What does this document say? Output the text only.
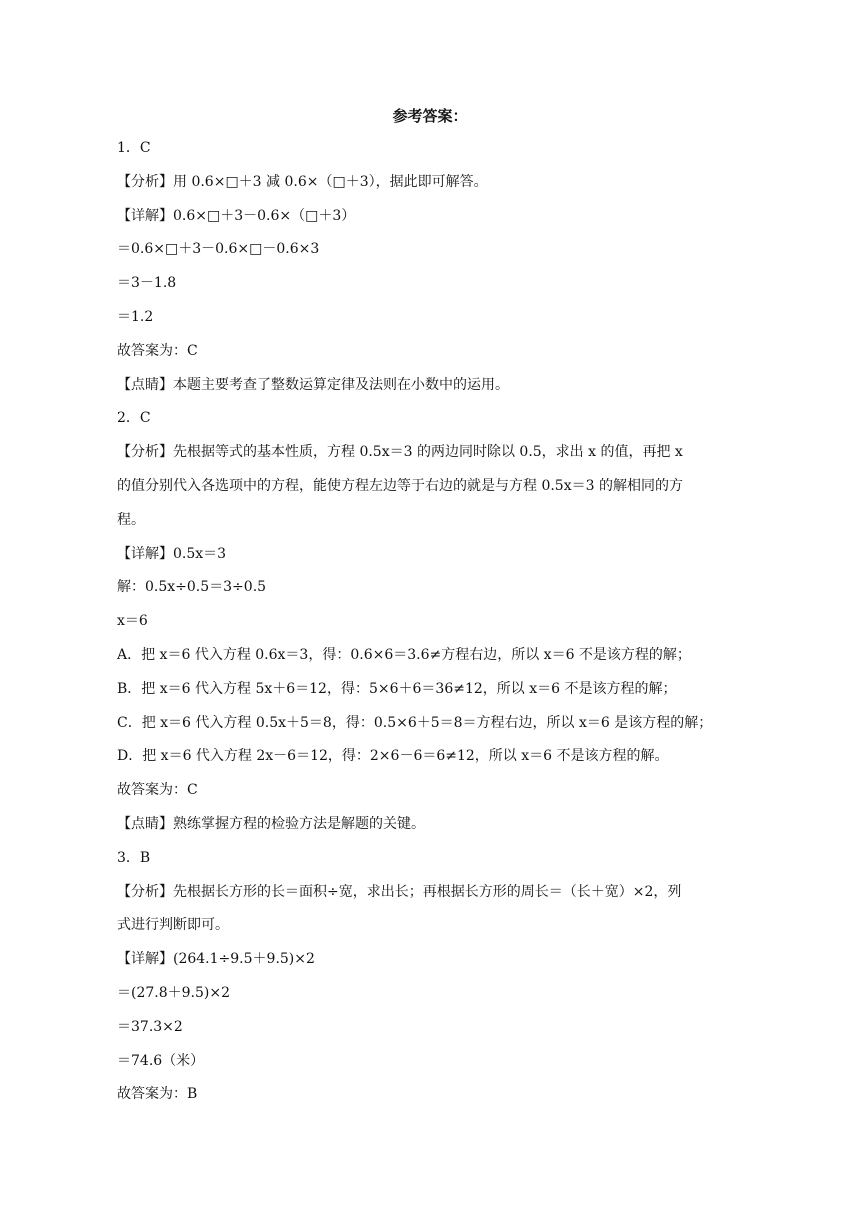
参考答案：
1．C
【分析】用 0.6×□＋3 减 0.6×（□＋3），据此即可解答。
【详解】0.6×□＋3－0.6×（□＋3）
＝0.6×□＋3－0.6×□－0.6×3
＝3－1.8
＝1.2
故答案为：C
【点睛】本题主要考查了整数运算定律及法则在小数中的运用。
2．C
【分析】先根据等式的基本性质，方程 0.5x＝3 的两边同时除以 0.5，求出 x 的值，再把 x
的值分别代入各选项中的方程，能使方程左边等于右边的就是与方程 0.5x＝3 的解相同的方
程。
【详解】0.5x＝3
解：0.5x÷0.5＝3÷0.5
x＝6
A．把 x＝6 代入方程 0.6x＝3，得：0.6×6＝3.6≠方程右边，所以 x＝6 不是该方程的解；
B．把 x＝6 代入方程 5x＋6＝12，得：5×6＋6＝36≠12，所以 x＝6 不是该方程的解；
C．把 x＝6 代入方程 0.5x＋5＝8，得：0.5×6＋5＝8＝方程右边，所以 x＝6 是该方程的解；
D．把 x＝6 代入方程 2x－6＝12，得：2×6－6＝6≠12，所以 x＝6 不是该方程的解。
故答案为：C
【点睛】熟练掌握方程的检验方法是解题的关键。
3．B
【分析】先根据长方形的长＝面积÷宽，求出长；再根据长方形的周长＝（长＋宽）×2，列
式进行判断即可。
【详解】(264.1÷9.5＋9.5)×2
＝(27.8＋9.5)×2
＝37.3×2
＝74.6（米）
故答案为：B
